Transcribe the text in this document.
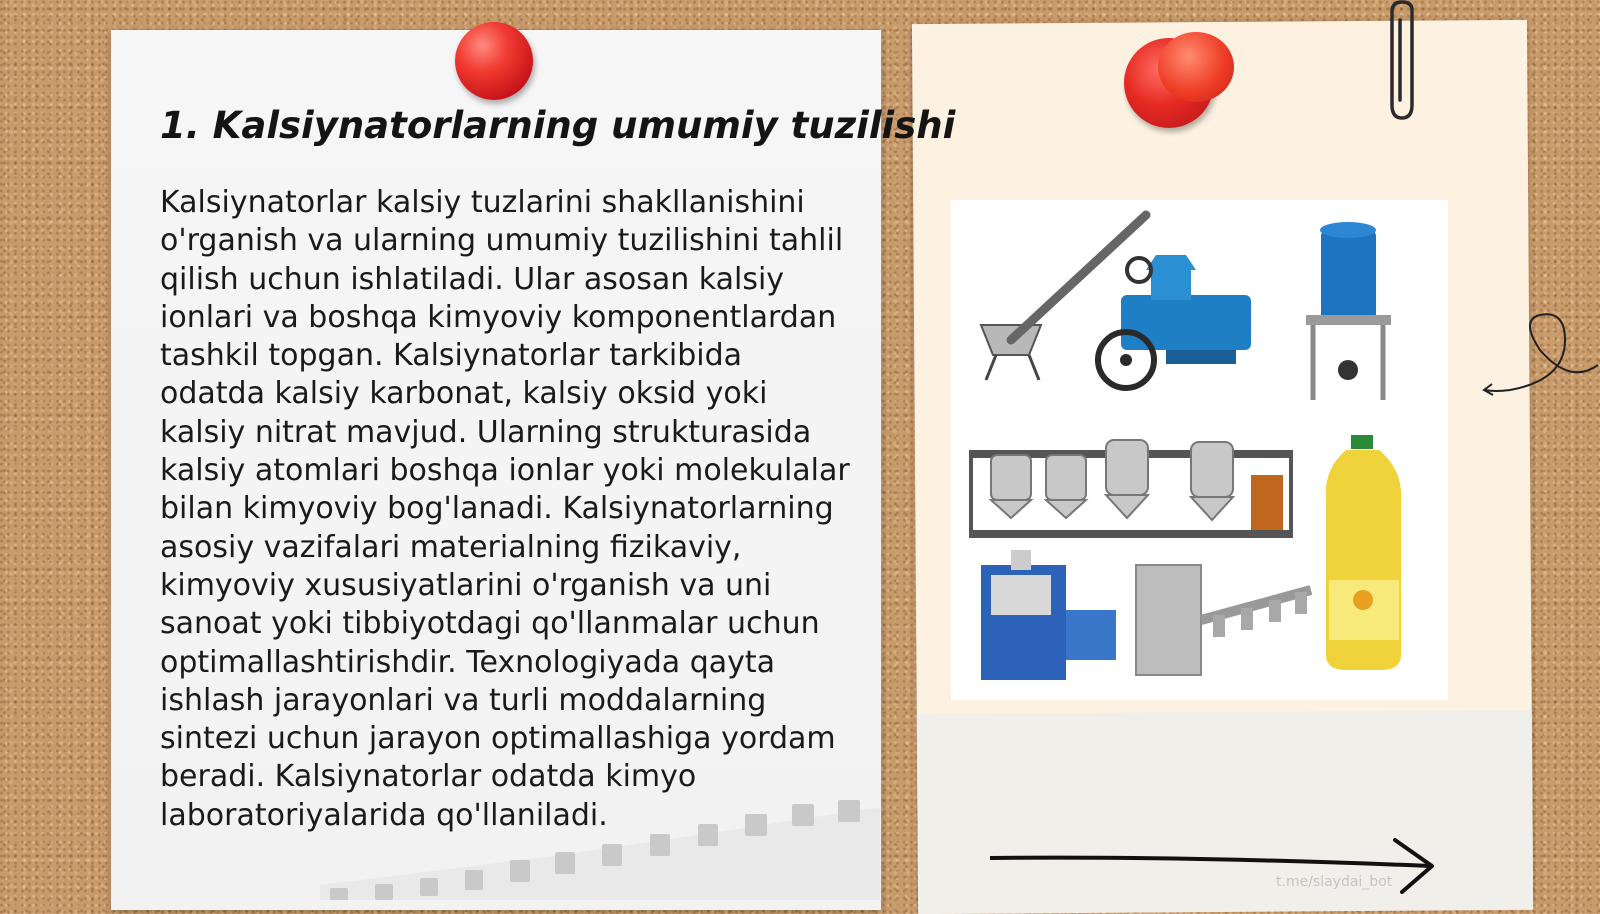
1. Kalsiynatorlarning umumiy tuzilishi

Kalsiynatorlar kalsiy tuzlarini shakllanishini o'rganish va ularning umumiy tuzilishini tahlil qilish uchun ishlatiladi. Ular asosan kalsiy ionlari va boshqa kimyoviy komponentlardan tashkil topgan. Kalsiynatorlar tarkibida odatda kalsiy karbonat, kalsiy oksid yoki kalsiy nitrat mavjud. Ularning strukturasida kalsiy atomlari boshqa ionlar yoki molekulalar bilan kimyoviy bog'lanadi. Kalsiynatorlarning asosiy vazifalari materialning fizikaviy, kimyoviy xususiyatlarini o'rganish va uni sanoat yoki tibbiyotdagi qo'llanmalar uchun optimallashtirishdir. Texnologiyada qayta ishlash jarayonlari va turli moddalarning sintezi uchun jarayon optimallashiga yordam beradi. Kalsiynatorlar odatda kimyo laboratoriyalarida qo'llaniladi.

t.me/slaydai_bot
